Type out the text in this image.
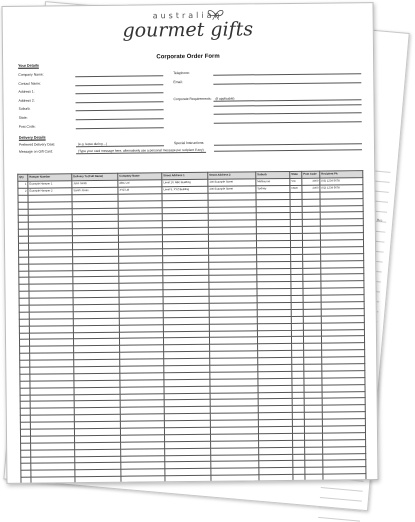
Rec
australian
gourmet gifts
Corporate Order Form
Your Details
Company Name:
Contact Name:
Address 1:
Address 2:
Suburb:
State:
Post Code:
Telephone:
Email:
Corporate Requirements: (if applicable)
Delivery Details
Preferred Delivery Date:	(e.g. leave during ...)
Message on Gift Card:	(Type your card message here, alternatively use a personal message per recipient if any)
Special Instructions:
Qty	Hamper Number	Delivery To (Full Name)	Company Name	Street Address 1	Street Address 2	Suburb	State	Post Code	Recipient Ph
1	Example Hamper 1	John Smith	ABC Ltd	Level 10, ABC Building	100 Example Street	Melbourne	VIC	3000	(03) 1234 5678
2	Example Hamper 2	Sarah Jones	XYZ Ltd	Level 5, XYZ Building	200 Example Street	Sydney	NSW	2000	(02) 1234 5678
